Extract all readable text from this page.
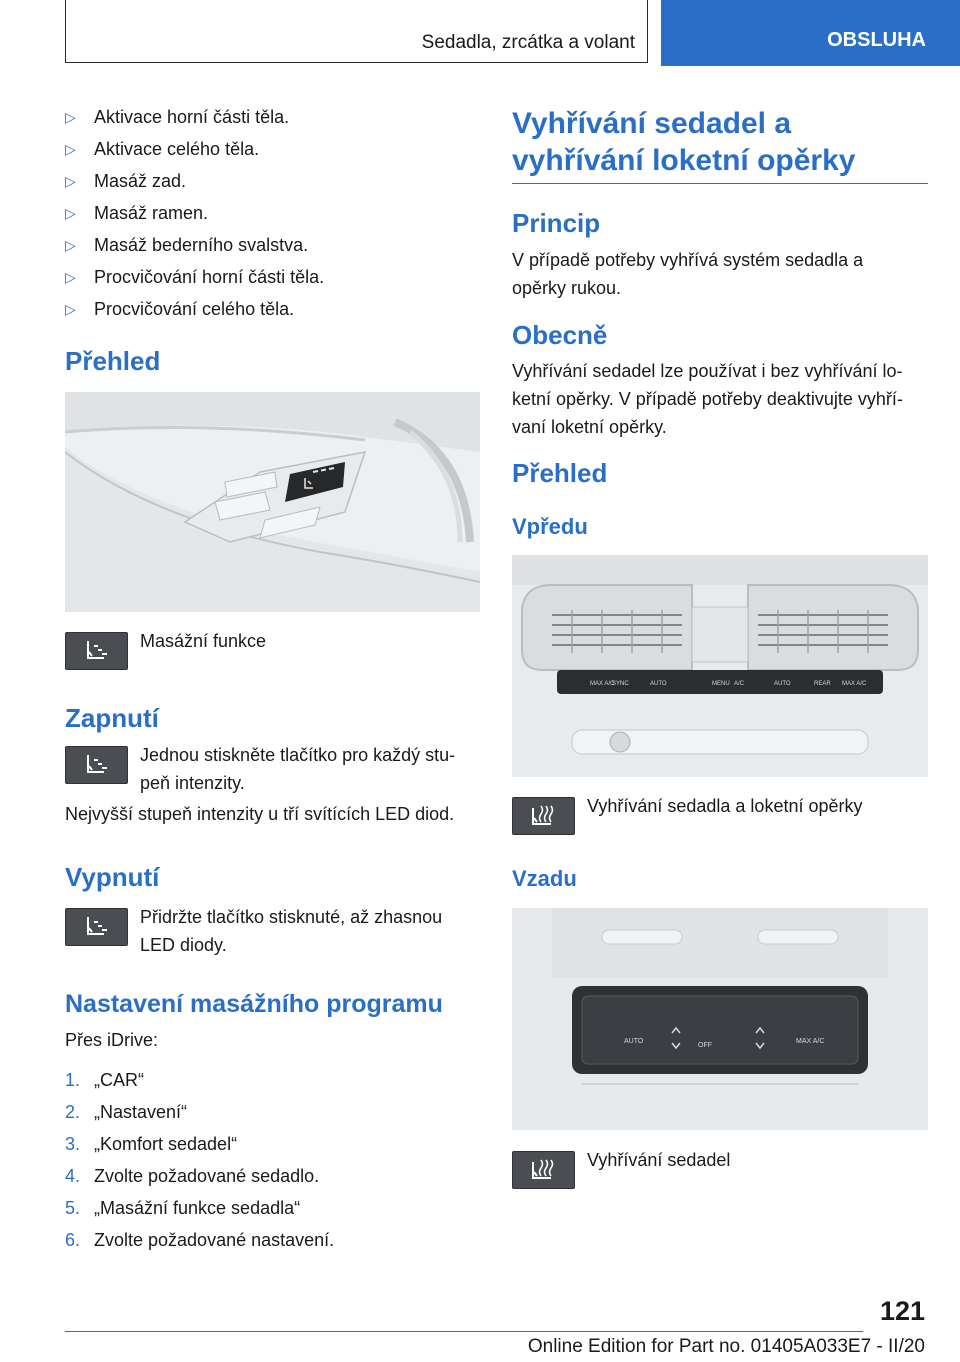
Sedadla, zrcátka a volant	OBSLUHA
▷ Aktivace horní části těla.
▷ Aktivace celého těla.
▷ Masáž zad.
▷ Masáž ramen.
▷ Masáž bederního svalstva.
▷ Procvičování horní části těla.
▷ Procvičování celého těla.
Přehled
Masážní funkce
Zapnutí
Jednou stiskněte tlačítko pro každý stu‐
peň intenzity.
Nejvyšší stupeň intenzity u tří svítících LED diod.
Vypnutí
Přidržte tlačítko stisknuté, až zhasnou
LED diody.
Nastavení masážního programu
Přes iDrive:
1. „CAR“
2. „Nastavení“
3. „Komfort sedadel“
4. Zvolte požadované sedadlo.
5. „Masážní funkce sedadla“
6. Zvolte požadované nastavení.
Vyhřívání sedadel a
vyhřívání loketní opěrky
Princip
V případě potřeby vyhřívá systém sedadla a
opěrky rukou.
Obecně
Vyhřívání sedadel lze používat i bez vyhřívání lo‐
ketní opěrky. V případě potřeby deaktivujte vyhří‐
vaní loketní opěrky.
Přehled
Vpředu
MAX A/C
SYNC	AUTO	MENU A/C	AUTO	REAR MAX A/C
Vyhřívání sedadla a loketní opěrky
Vzadu
AUTO
OFF
MAX A/C
Vyhřívání sedadel
121
Online Edition for Part no. 01405A033E7 - II/20
